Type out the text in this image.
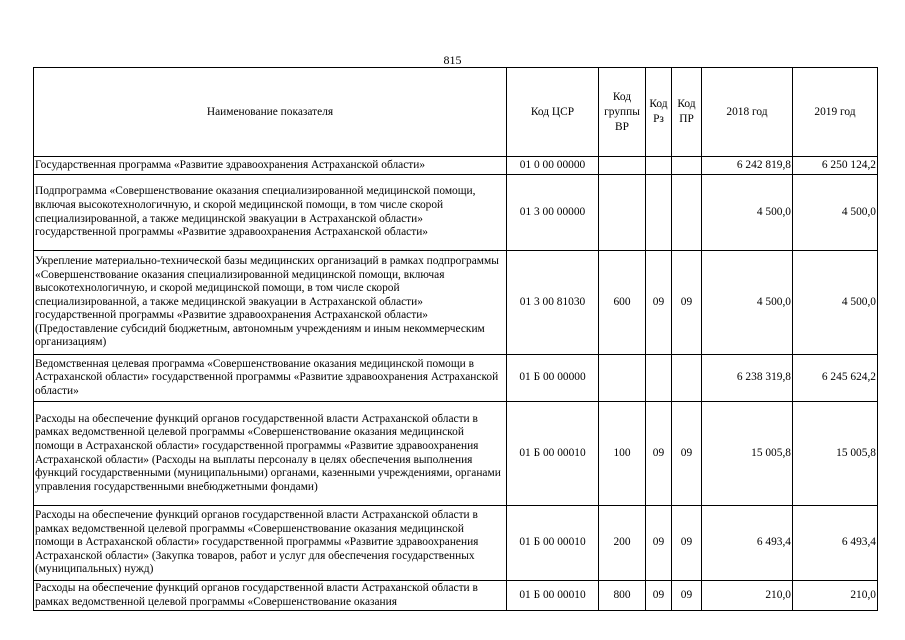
815
Наименование показателя	Код ЦСР	Код группы ВР	Код Рз	Код ПР	2018 год	2019 год
Государственная программа «Развитие здравоохранения Астраханской области»	01 0 00 00000				6 242 819,8	6 250 124,2
Подпрограмма «Совершенствование оказания специализированной медицинской помощи, включая высокотехнологичную, и скорой медицинской помощи, в том числе скорой специализированной, а также медицинской эвакуации в Астраханской области» государственной программы «Развитие здравоохранения Астраханской области»	01 3 00 00000				4 500,0	4 500,0
Укрепление материально-технической базы медицинских организаций в рамках подпрограммы «Совершенствование оказания специализированной медицинской помощи, включая высокотехнологичную, и скорой медицинской помощи, в том числе скорой специализированной, а также медицинской эвакуации в Астраханской области» государственной программы «Развитие здравоохранения Астраханской области» (Предоставление субсидий бюджетным, автономным учреждениям и иным некоммерческим организациям)	01 3 00 81030	600	09	09	4 500,0	4 500,0
Ведомственная целевая программа «Совершенствование оказания медицинской помощи в Астраханской области» государственной программы «Развитие здравоохранения Астраханской области»	01 Б 00 00000				6 238 319,8	6 245 624,2
Расходы на обеспечение функций органов государственной власти Астраханской области в рамках ведомственной целевой программы «Совершенствование оказания медицинской помощи в Астраханской области» государственной программы «Развитие здравоохранения Астраханской области» (Расходы на выплаты персоналу в целях обеспечения выполнения функций государственными (муниципальными) органами, казенными учреждениями, органами управления государственными внебюджетными фондами)	01 Б 00 00010	100	09	09	15 005,8	15 005,8
Расходы на обеспечение функций органов государственной власти Астраханской области в рамках ведомственной целевой программы «Совершенствование оказания медицинской помощи в Астраханской области» государственной программы «Развитие здравоохранения Астраханской области» (Закупка товаров, работ и услуг для обеспечения государственных (муниципальных) нужд)	01 Б 00 00010	200	09	09	6 493,4	6 493,4
Расходы на обеспечение функций органов государственной власти Астраханской области в рамках ведомственной целевой программы «Совершенствование оказания	01 Б 00 00010	800	09	09	210,0	210,0
